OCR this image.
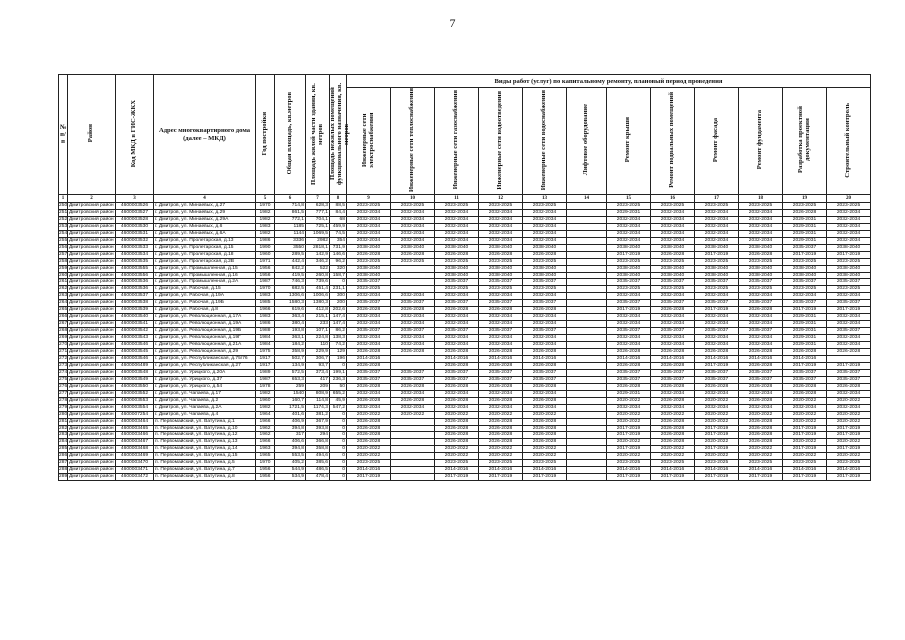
7
№ п/п	Район	Код МКД в ГИС-ЖКХ	Адрес многоквартирного дома (далее – МКД)	Год постройки	Общая площадь, кв.метров	Площадь жилой части здания, кв. метров	Площадь нежилых помещений функционального назначения, кв. метров	Виды работ (услуг) по капитальному ремонту, плановый период проведения											
								Инженерные сети электроснабжения	Инженерные сети теплоснабжения	Инженерные сети газоснабжения	Инженерные сети водоотведения	Инженерные сети водоснабжения	Лифтовое оборудование	Ремонт крыши	Ремонт подвальных помещений	Ремонт фасада	Ремонт фундамента	Разработка проектной документации	Строительный контроль
1	2	3	4	5	6	7	8	9	10	11	12	13	14	15	16	17	18	19	20
250	Дмитровский район	4600003526	г. Дмитров, ул. Минаевых, д.27	1970	714,8	628,3	88,5	2023-2025	2023-2025	2023-2025	2023-2025	2023-2025		2023-2025	2023-2025	2023-2025	2023-2025	2023-2025	2023-2025
251	Дмитровский район	4600003527	г. Дмитров, ул. Минаевых, д.29	1982	861,5	777,1	84,4	2032-2034	2032-2034	2032-2034	2032-2034	2032-2034		2029-2031	2032-2034	2032-2034	2032-2034	2026-2028	2032-2034
252	Дмитровский район	4600003528	г. Дмитров, ул. Минаевых, д.29А	1982	772,1	704,1	68	2032-2034	2032-2034	2032-2034	2032-2034	2032-2034		2032-2034	2032-2034	2032-2034	2032-2034	2029-2031	2032-2034
253	Дмитровский район	4600003530	г. Дмитров, ул. Минаевых, д.6	1983	1185	725,1	459,9	2032-2034	2032-2034	2032-2034	2032-2034	2032-2034		2032-2034	2032-2034	2032-2034	2032-2034	2029-2031	2032-2034
254	Дмитровский район	4600003531	г. Дмитров, ул. Минаевых, д.6А	1982	1144	1069,5	74,5	2032-2034	2032-2034	2032-2034	2032-2034	2032-2034		2032-2034	2032-2034	2032-2034	2032-2034	2029-2031	2032-2034
255	Дмитровский район	4600003532	г. Дмитров, ул. Пролетарская, д.13	1986	3336	2982	354	2032-2034	2032-2034	2032-2034	2032-2034	2032-2034		2032-2034	2032-2034	2032-2034	2032-2034	2029-2031	2032-2034
256	Дмитровский район	4600003533	г. Дмитров, ул. Пролетарская, д.15	1990	3550	2818,1	731,9	2038-2040	2038-2040	2038-2040	2038-2040	2038-2040		2038-2040	2038-2040	2038-2040	2038-2040	2035-2037	2038-2040
257	Дмитровский район	4600003534	г. Дмитров, ул. Пролетарская, д.18	1960	289,5	142,9	146,6	2026-2028	2026-2028	2026-2028	2026-2028	2026-2028		2017-2019	2026-2028	2017-2019	2026-2028	2017-2019	2017-2019
258	Дмитровский район	4600003535	г. Дмитров, ул. Пролетарская, д.2В	1971	442,4	346,2	96,2	2023-2025	2023-2025	2023-2025	2023-2025	2023-2025		2023-2025	2023-2025	2023-2025	2023-2025	2023-2025	2023-2025
259	Дмитровский район	4600003555	г. Дмитров, ул. Промышленная, д.15	1956	842,2	522	320	2038-2040		2038-2040	2038-2040	2038-2040		2038-2040	2038-2040	2038-2040	2038-2040	2038-2040	2038-2040
260	Дмитровский район	4600003556	г. Дмитров, ул. Промышленная, д.16	1956	419,5	260,8	158,7	2038-2040		2038-2040	2038-2040	2038-2040		2038-2040	2038-2040	2038-2040	2038-2040	2038-2040	2038-2040
261	Дмитровский район	4600003536	г. Дмитров, ул. Промышленная, д.2А	1987	746,3	739,6	0	2035-2037		2035-2037	2035-2037	2035-2037		2035-2037	2035-2037	2035-2037	2035-2037	2035-2037	2035-2037
262	Дмитровский район	4600003536	г. Дмитров, ул. Рабочая, д.15	1970	682,5	451,4	231,1	2023-2025		2023-2025	2023-2025	2023-2025		2023-2025	2023-2025	2023-2025	2023-2025	2023-2025	2023-2025
263	Дмитровский район	4600003537	г. Дмитров, ул. Рабочая, д.19А	1983	1306,6	1006,6	300	2032-2034	2032-2034	2032-2034	2032-2034	2032-2034		2032-2034	2032-2034	2032-2034	2032-2034	2032-2034	2032-2034
264	Дмитровский район	4600003538	г. Дмитров, ул. Рабочая, д.19Б	1985	1580,3	1380,3	200	2035-2037	2035-2037	2035-2037	2035-2037	2035-2037		2035-2037	2035-2037	2035-2037	2035-2037	2035-2037	2035-2037
265	Дмитровский район	4600003539	г. Дмитров, ул. Рабочая, д.8	1966	619,6	412,8	202,6	2026-2028	2026-2028	2026-2028	2026-2028	2026-2028		2017-2019	2026-2028	2017-2019	2026-2028	2017-2019	2017-2019
266	Дмитровский район	4600003540	г. Дмитров, ул. Революционная, д.17А	1983	363,4	215,1	147,4	2032-2034	2032-2034	2032-2034	2032-2034	2032-2034		2032-2034	2032-2034	2032-2034	2032-2034	2029-2031	2032-2034
267	Дмитровский район	4600003541	г. Дмитров, ул. Революционная, д.19А	1986	380,4	233	147,4	2032-2034	2032-2034	2032-2034	2032-2034	2032-2034		2032-2034	2032-2034	2032-2034	2032-2034	2029-2031	2032-2034
268	Дмитровский район	4600003542	г. Дмитров, ул. Революционная, д.19Б	1988	193,8	107,1	86,2	2035-2037	2035-2037	2035-2037	2035-2037	2035-2037		2035-2037	2035-2037	2035-2037	2035-2037	2029-2031	2035-2037
269	Дмитровский район	4600003543	г. Дмитров, ул. Революционная, д.19Г	1984	363,1	224,8	138,3	2032-2034	2032-2034	2032-2034	2032-2034	2032-2034		2032-2034	2032-2034	2032-2034	2032-2034	2029-2031	2032-2034
270	Дмитровский район	4600003546	г. Дмитров, ул. Революционная, д.21А	1984	184,2	110	74,2	2032-2034	2032-2034	2032-2034	2032-2034	2032-2034		2032-2034	2032-2034	2032-2034	2032-2034	2029-2031	2032-2034
271	Дмитровский район	4600003545	г. Дмитров, ул. Революционная, д.29	1975	358,9	229,9	129	2026-2028	2026-2028	2026-2028	2026-2028	2026-2028		2026-2028	2026-2028	2026-2028	2026-2028	2026-2028	2026-2028
272	Дмитровский район	4600003546	г. Дмитров, ул. Республиканская, д.75/76	1917	502,7	306,7	196	2014-2016		2014-2016	2014-2016	2014-2016		2014-2016	2014-2016	2014-2016	2014-2016	2014-2016	
273	Дмитровский район	4600006489	г. Дмитров, ул. Республиканская, д.27	1917	134,9	93,7	0	2026-2028		2026-2028	2026-2028	2026-2028		2026-2028	2026-2028	2017-2019	2026-2028	2017-2019	2017-2019
274	Дмитровский район	4600003548	г. Дмитров, ул. Урицкого, д.20А	1989	572,5	373,4	199,1	2035-2037	2035-2037	2035-2037	2035-2037	2035-2037		2035-2037	2035-2037	2035-2037	2035-2037	2035-2037	2035-2037
275	Дмитровский район	4600003549	г. Дмитров, ул. Урицкого, д.37	1987	653,3	417	236,3	2035-2037	2035-2037	2035-2037	2035-2037	2035-2037		2035-2037	2035-2037	2035-2037	2035-2037	2035-2037	2035-2037
276	Дмитровский район	4600003550	г. Дмитров, ул. Урицкого, д.54	1978	259	209	50	2026-2028	2026-2028	2026-2028	2026-2028	2026-2028		2026-2028	2026-2028	2026-2028	2026-2028	2026-2028	2026-2028
277	Дмитровский район	4600003552	г. Дмитров, ул. Чапаева, д.17	1982	1540	808,9	655,2	2032-2034	2032-2034	2032-2034	2032-2034	2032-2034		2029-2031	2032-2034	2032-2034	2032-2034	2026-2028	2032-2034
278	Дмитровский район	4600003553	г. Дмитров, ул. Чапаева, д.2	1960	160,7	114,8	45,9	2026-2028	2026-2028	2026-2028	2026-2028	2026-2028		2020-2022	2026-2028	2020-2022	2026-2028	2020-2022	2020-2022
279	Дмитровский район	4600003554	г. Дмитров, ул. Чапаева, д.2А	1982	1721,5	1174,3	547,2	2032-2034	2032-2034	2032-2034	2032-2034	2032-2034		2032-2034	2032-2034	2032-2034	2032-2034	2032-2034	2032-2034
280	Дмитровский район	4600007254	г. Дмитров, ул. Чапаева, д.4	1964	401,6	381,2	0	2020-2022	2020-2022	2020-2022	2020-2022	2020-2022		2020-2022	2020-2022	2020-2022	2020-2022	2020-2022	2020-2022
281	Дмитровский район	4600003464	п. Первомайский, ул. Ватутина, д.1	1966	406,9	367,9	0	2026-2028		2026-2028	2026-2028	2026-2028		2020-2022	2026-2028	2020-2022	2026-2028	2020-2022	2020-2022
282	Дмитровский район	4600003465	п. Первомайский, ул. Ватутина, д.10	1962	394,8	393,8	0	2026-2028		2026-2028	2026-2028	2026-2028		2017-2019	2026-2028	2017-2019	2026-2028	2017-2019	2017-2019
283	Дмитровский район	4600003466	п. Первомайский, ул. Ватутина, д.12	1962	317	294	0	2026-2028		2026-2028	2026-2028	2026-2028		2017-2019	2026-2028	2017-2019	2026-2028	2017-2019	2017-2019
284	Дмитровский район	4600003467	п. Первомайский, ул. Ватутина, д.13	1966	406,6	366,8	0	2026-2028		2026-2028	2026-2028	2026-2028		2020-2022	2026-2028	2020-2022	2026-2028	2020-2022	2020-2022
285	Дмитровский район	4600003468	п. Первомайский, ул. Ватутина, д.14	1963	394,8	358,8	0	2020-2022		2020-2022	2020-2022	2020-2022		2017-2019	2020-2022	2017-2019	2020-2022	2017-2019	2017-2019
286	Дмитровский район	4600003469	п. Первомайский, ул. Ватутина, д.15	1965	553,5	494,6	0	2020-2022		2020-2022	2020-2022	2020-2022		2020-2022	2020-2022	2020-2022	2020-2022	2020-2022	2020-2022
287	Дмитровский район	4600003470	п. Первомайский, ул. Ватутина, д.5	1970	405,2	385,6	0	2023-2025		2023-2025	2023-2025	2023-2025		2023-2025	2023-2025	2023-2025	2023-2025	2023-2025	2023-2025
288	Дмитровский район	4600003471	п. Первомайский, ул. Ватутина, д.7	1956	544,9	486,5	0	2014-2016		2014-2016	2014-2016	2014-2016		2014-2016	2014-2016	2014-2016	2014-2016	2014-2016	2014-2016
289	Дмитровский район	4600003472	п. Первомайский, ул. Ватутина, д.8	1956	534,9	478,4	0	2017-2019		2017-2019	2017-2019	2017-2019		2017-2019	2017-2019	2017-2019	2017-2019	2017-2019	2017-2019
